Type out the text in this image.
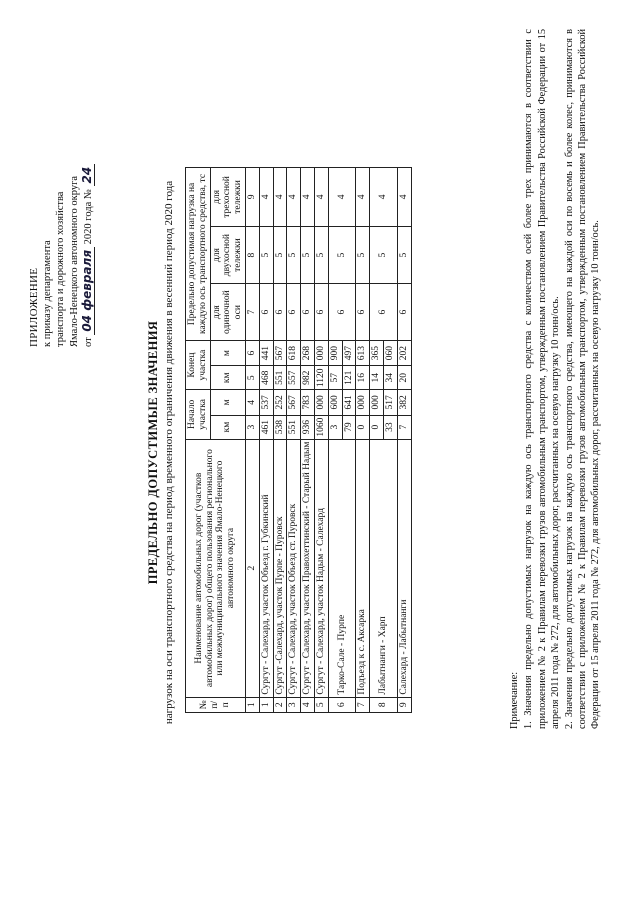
ПРИЛОЖЕНИЕ к приказу департамента транспорта и дорожного хозяйства Ямало-Ненецкого автономного округа от 04 февраля 2020 года № 24
ПРЕДЕЛЬНО ДОПУСТИМЫЕ ЗНАЧЕНИЯ нагрузок на оси транспортного средства на период временного ограничения движения в весенний период 2020 года	№ п/п	Наименование автомобильных дорог (участков автомобильных дорог) общего пользования регионального или межмуниципального значения Ямало-Ненецкого автономного округа	Начало участка		Конец участка		Предельно допустимая нагрузка на каждую ось транспортного средства, тс		
		км	м	км	м	для одиночной оси	для двухосной тележки	для трехосной тележки
1	2	3	4	5	6	7	8	9
1	Сургут - Салехард, участок Объезд г. Губкинский	461	537	468	441	6	5	4
2	Сургут -Салехард, участок Пурпе - Пуровск	538	252	551	567	6	5	4
3	Сургут - Салехард, участок Объезд ст. Пуровск	551	567	557	618	6	5	4
4	Сургут - Салехард, участок Правохеттинский - Старый Надым	936	783	982	268	6	5	4
5	Сургут - Салехард, участок Надым - Салехард	1060	000	1120	000	6	5	4
6	Тарко-Сале - Пурпе	3	600	57	900	6	5	4
		79	641	121	497			
7	Подъезд к с. Аксарка	0	000	16	613	6	5	4
8	Лабытнанги - Харп	0	000	14	365	6	5	4
		33	517	34	060			
9	Салехард - Лабытнанги	7	382	20	202	6	5	4

Примечание: 1. Значения предельно допустимых нагрузок на каждую ось транспортного средства с количеством осей более трех принимаются в соответствии с приложением № 2 к Правилам перевозки грузов автомобильным транспортом, утвержденным постановлением Правительства Российской Федерации от 15 апреля 2011 года № 272, для автомобильных дорог, рассчитанных на осевую нагрузку 10 тонн/ось. 2. Значения предельно допустимых нагрузок на каждую ось транспортного средства, имеющего на каждой оси по восемь и более колес, принимаются в соответствии с приложением № 2 к Правилам перевозки грузов автомобильным транспортом, утвержденным постановлением Правительства Российской Федерации от 15 апреля 2011 года № 272, для автомобильных дорог, рассчитанных на осевую нагрузку 10 тонн/ось.
